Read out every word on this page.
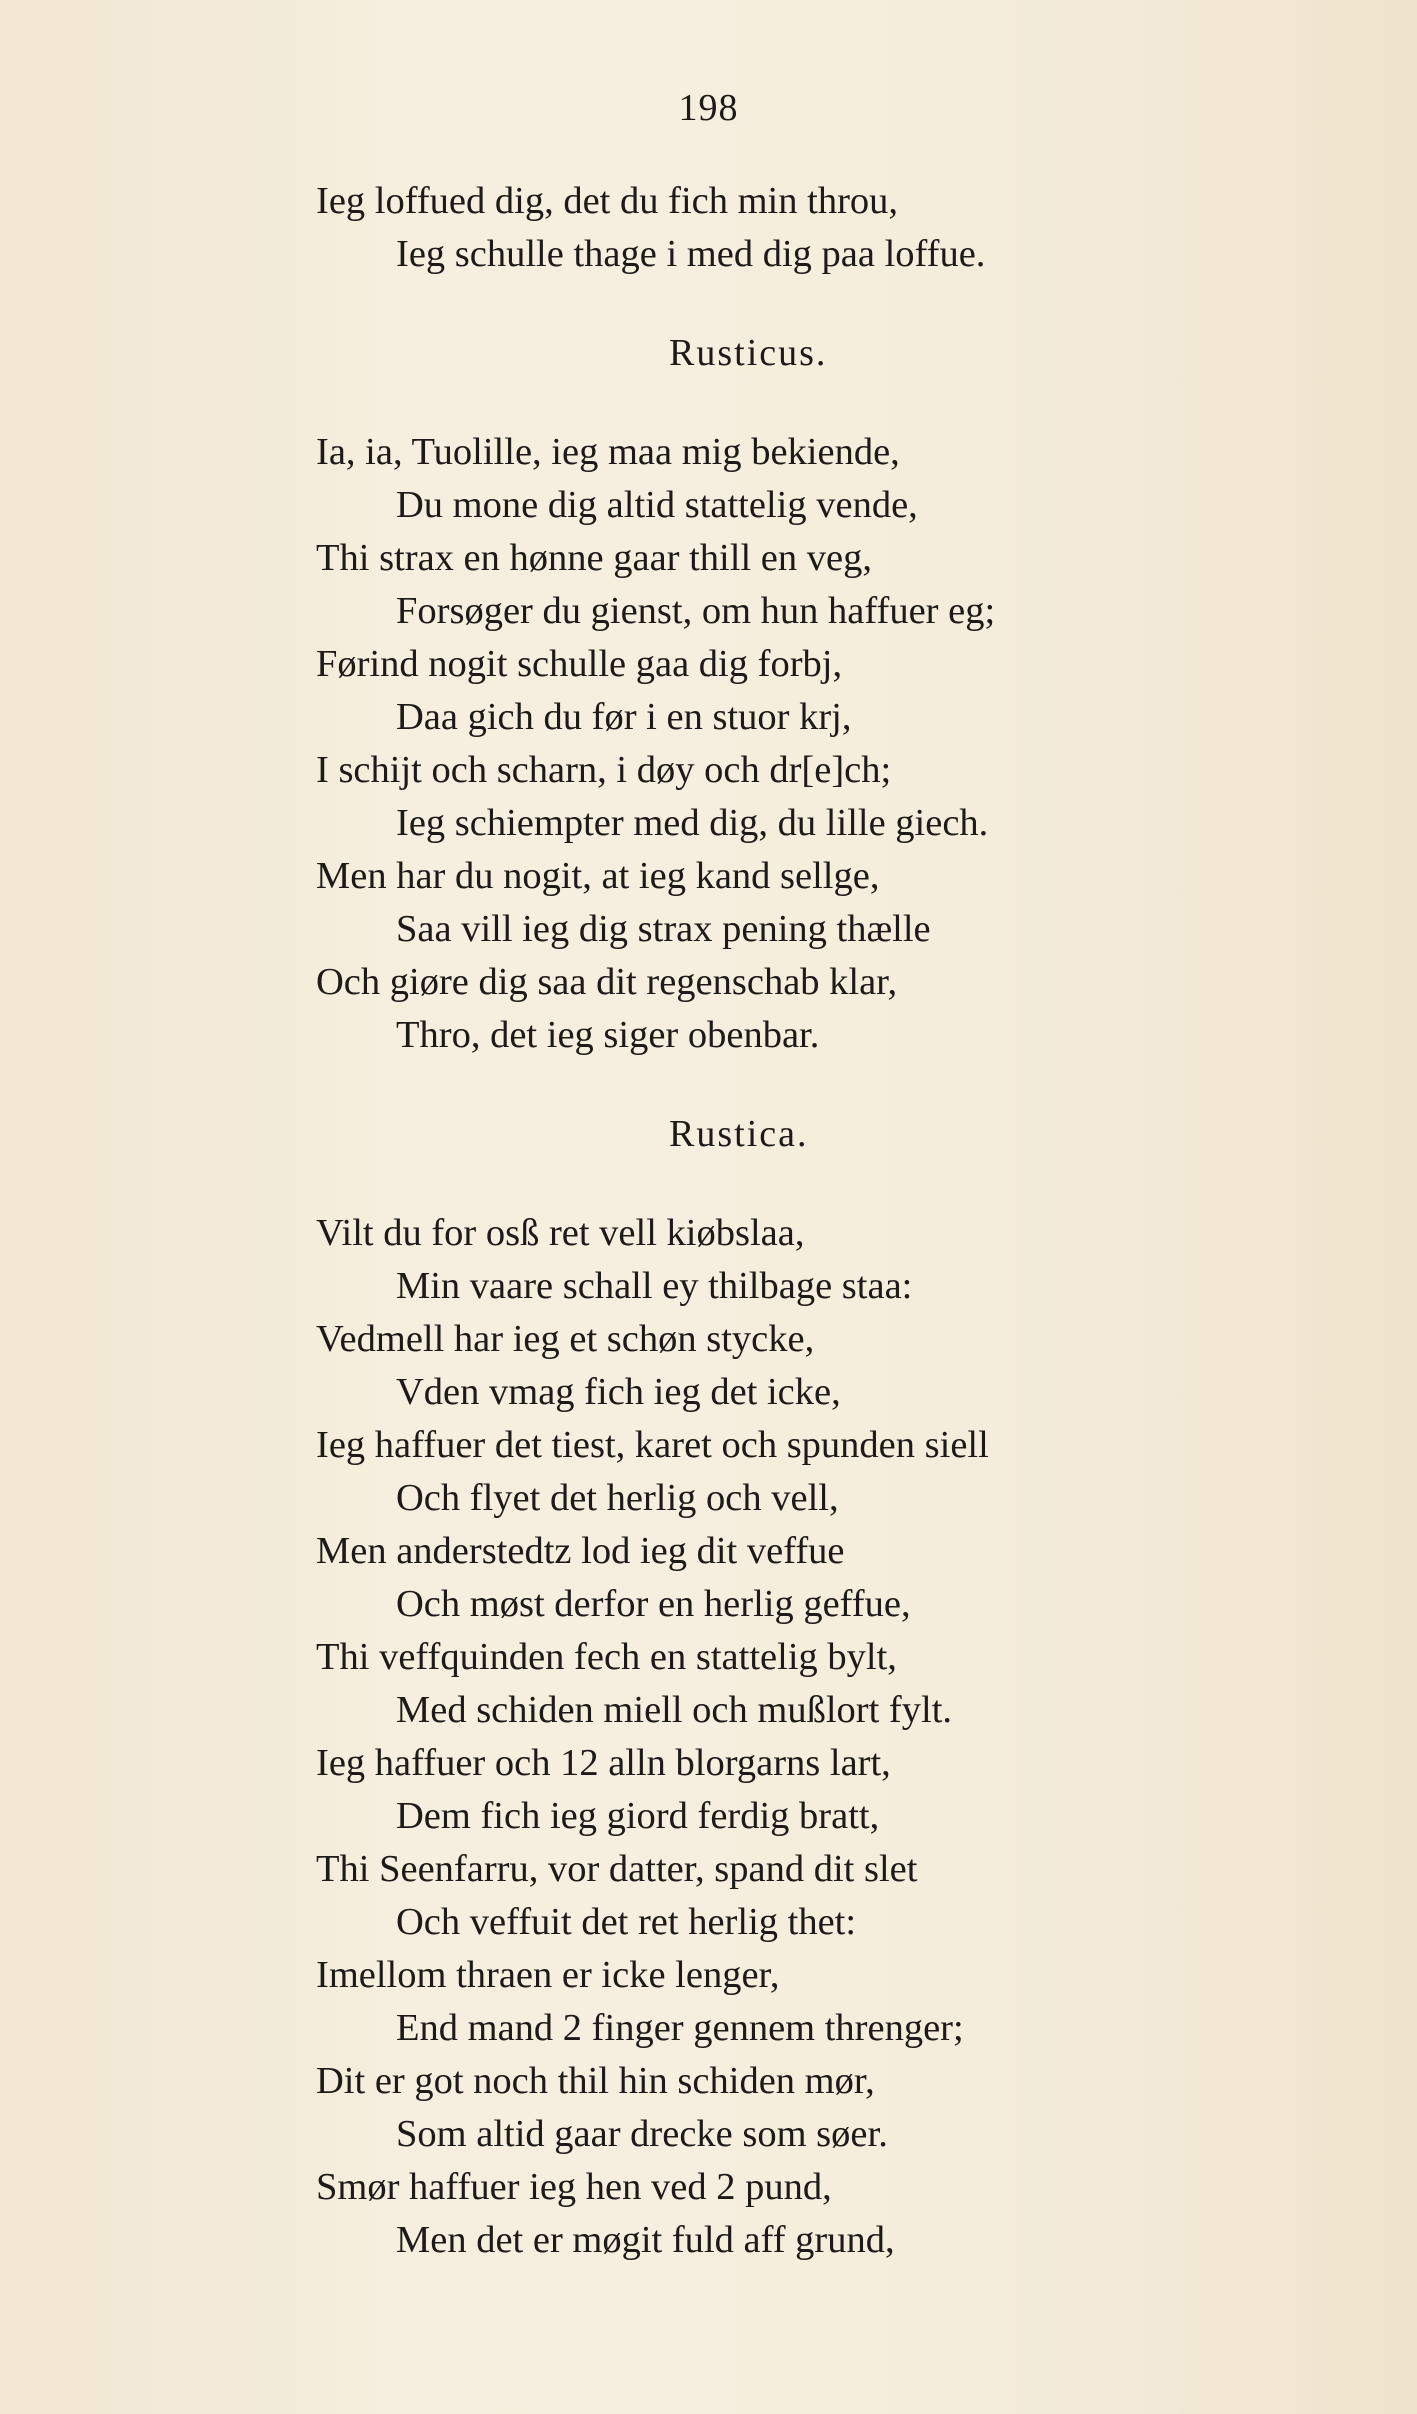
198
Ieg loffued dig, det du fich min throu,
Ieg schulle thage i med dig paa loffue.
Rusticus.
Ia, ia, Tuolille, ieg maa mig bekiende,
Du mone dig altid stattelig vende,
Thi strax en hønne gaar thill en veg,
Forsøger du gienst, om hun haffuer eg;
Førind nogit schulle gaa dig forbj,
Daa gich du før i en stuor krj,
I schijt och scharn, i døy och dr[e]ch;
Ieg schiempter med dig, du lille giech.
Men har du nogit, at ieg kand sellge,
Saa vill ieg dig strax pening thælle
Och giøre dig saa dit regenschab klar,
Thro, det ieg siger obenbar.
Rustica.
Vilt du for osß ret vell kiøbslaa,
Min vaare schall ey thilbage staa:
Vedmell har ieg et schøn stycke,
Vden vmag fich ieg det icke,
Ieg haffuer det tiest, karet och spunden siell
Och flyet det herlig och vell,
Men anderstedtz lod ieg dit veffue
Och møst derfor en herlig geffue,
Thi veffquinden fech en stattelig bylt,
Med schiden miell och mußlort fylt.
Ieg haffuer och 12 alln blorgarns lart,
Dem fich ieg giord ferdig bratt,
Thi Seenfarru, vor datter, spand dit slet
Och veffuit det ret herlig thet:
Imellom thraen er icke lenger,
End mand 2 finger gennem threnger;
Dit er got noch thil hin schiden mør,
Som altid gaar drecke som søer.
Smør haffuer ieg hen ved 2 pund,
Men det er møgit fuld aff grund,
